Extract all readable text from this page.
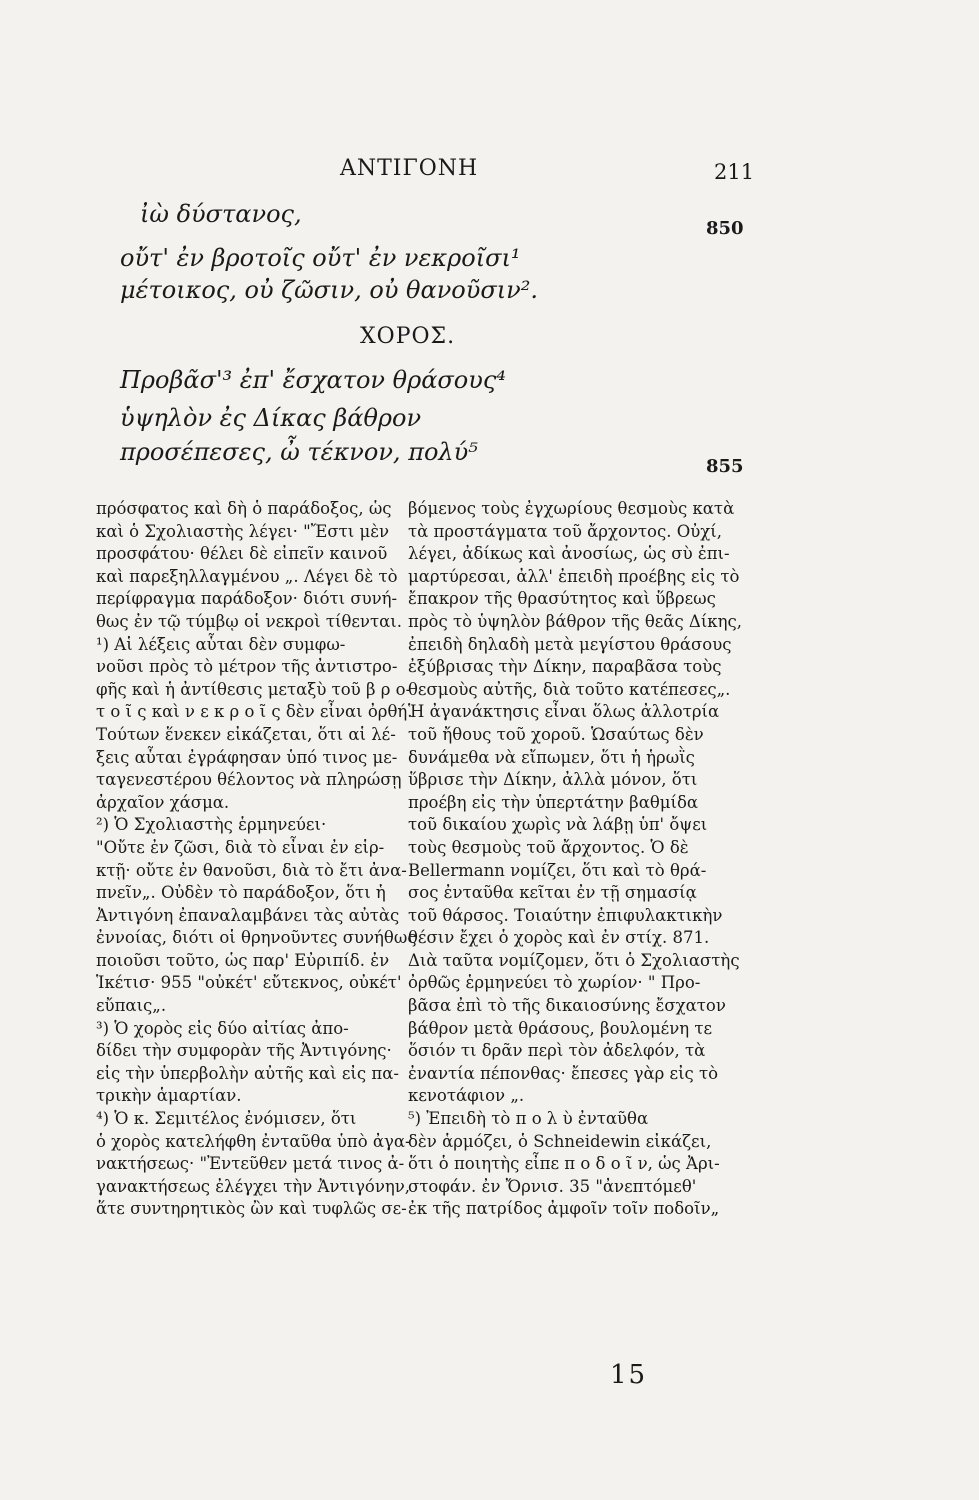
ΑΝΤΙΓΟΝΗ	211
ἰὼ δύστανος,
οὔτ' ἐν βροτοῖς οὔτ' ἐν νεκροῖσι¹
μέτοικος, οὐ ζῶσιν, οὐ θανοῦσιν².
850
ΧΟΡΟΣ.
Προβᾶσ'³ ἐπ' ἔσχατον θράσους⁴
ὑψηλὸν ἐς Δίκας βάθρον
προσέπεσες, ὦ τέκνον, πολύ⁵
855
πρόσφατος καὶ δὴ ὁ παράδοξος, ὡς
καὶ ὁ Σχολιαστὴς λέγει· "Ἔστι μὲν
προσφάτου· θέλει δὲ εἰπεῖν καινοῦ
καὶ παρεξηλλαγμένου „. Λέγει δὲ τὸ
περίφραγμα παράδοξον· διότι συνή-
θως ἐν τῷ τύμβῳ οἱ νεκροὶ τίθενται.
¹) Αἱ λέξεις αὗται δὲν συμφω-
νοῦσι πρὸς τὸ μέτρον τῆς ἀντιστρο-
φῆς καὶ ἡ ἀντίθεσις μεταξὺ τοῦ β ρ ο-
τ ο ῖ ς καὶ ν ε κ ρ ο ῖ ς δὲν εἶναι ὀρθή.
Τούτων ἕνεκεν εἰκάζεται, ὅτι αἱ λέ-
ξεις αὗται ἐγράφησαν ὑπό τινος με-
ταγενεστέρου θέλοντος νὰ πληρώσῃ
ἀρχαῖον χάσμα.
²) Ὁ Σχολιαστὴς ἑρμηνεύει·
"Οὔτε ἐν ζῶσι, διὰ τὸ εἶναι ἐν εἱρ-
κτῇ· οὔτε ἐν θανοῦσι, διὰ τὸ ἔτι ἀνα-
πνεῖν„. Οὐδὲν τὸ παράδοξον, ὅτι ἡ
Ἀντιγόνη ἐπαναλαμβάνει τὰς αὐτὰς
ἐννοίας, διότι οἱ θρηνοῦντες συνήθως
ποιοῦσι τοῦτο, ὡς παρ' Εὐριπίδ. ἐν
Ἱκέτισ· 955 "οὐκέτ' εὔτεκνος, οὐκέτ'
εὔπαις„.
³) Ὁ χορὸς εἰς δύο αἰτίας ἀπο-
δίδει τὴν συμφορὰν τῆς Ἀντιγόνης·
εἰς τὴν ὑπερβολὴν αὐτῆς καὶ εἰς πα-
τρικὴν ἁμαρτίαν.
⁴) Ὁ κ. Σεμιτέλος ἐνόμισεν, ὅτι
ὁ χορὸς κατελήφθη ἐνταῦθα ὑπὸ ἀγα-
νακτήσεως· "Ἐντεῦθεν μετά τινος ἀ-
γανακτήσεως ἐλέγχει τὴν Ἀντιγόνην,
ἅτε συντηρητικὸς ὢν καὶ τυφλῶς σε-
βόμενος τοὺς ἐγχωρίους θεσμοὺς κατὰ
τὰ προστάγματα τοῦ ἄρχοντος. Οὐχί,
λέγει, ἀδίκως καὶ ἀνοσίως, ὡς σὺ ἐπι-
μαρτύρεσαι, ἀλλ' ἐπειδὴ προέβης εἰς τὸ
ἔπακρον τῆς θρασύτητος καὶ ὕβρεως
πρὸς τὸ ὑψηλὸν βάθρον τῆς θεᾶς Δίκης,
ἐπειδὴ δηλαδὴ μετὰ μεγίστου θράσους
ἐξύβρισας τὴν Δίκην, παραβᾶσα τοὺς
θεσμοὺς αὐτῆς, διὰ τοῦτο κατέπεσες„.
Ἡ ἀγανάκτησις εἶναι ὅλως ἀλλοτρία
τοῦ ἤθους τοῦ χοροῦ. Ὡσαύτως δὲν
δυνάμεθα νὰ εἴπωμεν, ὅτι ἡ ἡρωῒς
ὕβρισε τὴν Δίκην, ἀλλὰ μόνον, ὅτι
προέβη εἰς τὴν ὑπερτάτην βαθμίδα
τοῦ δικαίου χωρὶς νὰ λάβῃ ὑπ' ὄψει
τοὺς θεσμοὺς τοῦ ἄρχοντος. Ὁ δὲ
Bellermann νομίζει, ὅτι καὶ τὸ θρά-
σος ἐνταῦθα κεῖται ἐν τῇ σημασίᾳ
τοῦ θάρσος. Τοιαύτην ἐπιφυλακτικὴν
θέσιν ἔχει ὁ χορὸς καὶ ἐν στίχ. 871.
Διὰ ταῦτα νομίζομεν, ὅτι ὁ Σχολιαστὴς
ὀρθῶς ἑρμηνεύει τὸ χωρίον· " Προ-
βᾶσα ἐπὶ τὸ τῆς δικαιοσύνης ἔσχατον
βάθρον μετὰ θράσους, βουλομένη τε
ὅσιόν τι δρᾶν περὶ τὸν ἀδελφόν, τὰ
ἐναντία πέπονθας· ἔπεσες γὰρ εἰς τὸ
κενοτάφιον „.
⁵) Ἐπειδὴ τὸ π ο λ ὺ ἐνταῦθα
δὲν ἁρμόζει, ὁ Schneidewin εἰκάζει,
ὅτι ὁ ποιητὴς εἶπε π ο δ ο ῖ ν, ὡς Ἀρι-
στοφάν. ἐν Ὄρνισ. 35 "ἀνεπτόμεθ'
ἐκ τῆς πατρίδος ἀμφοῖν τοῖν ποδοῖν„
15
